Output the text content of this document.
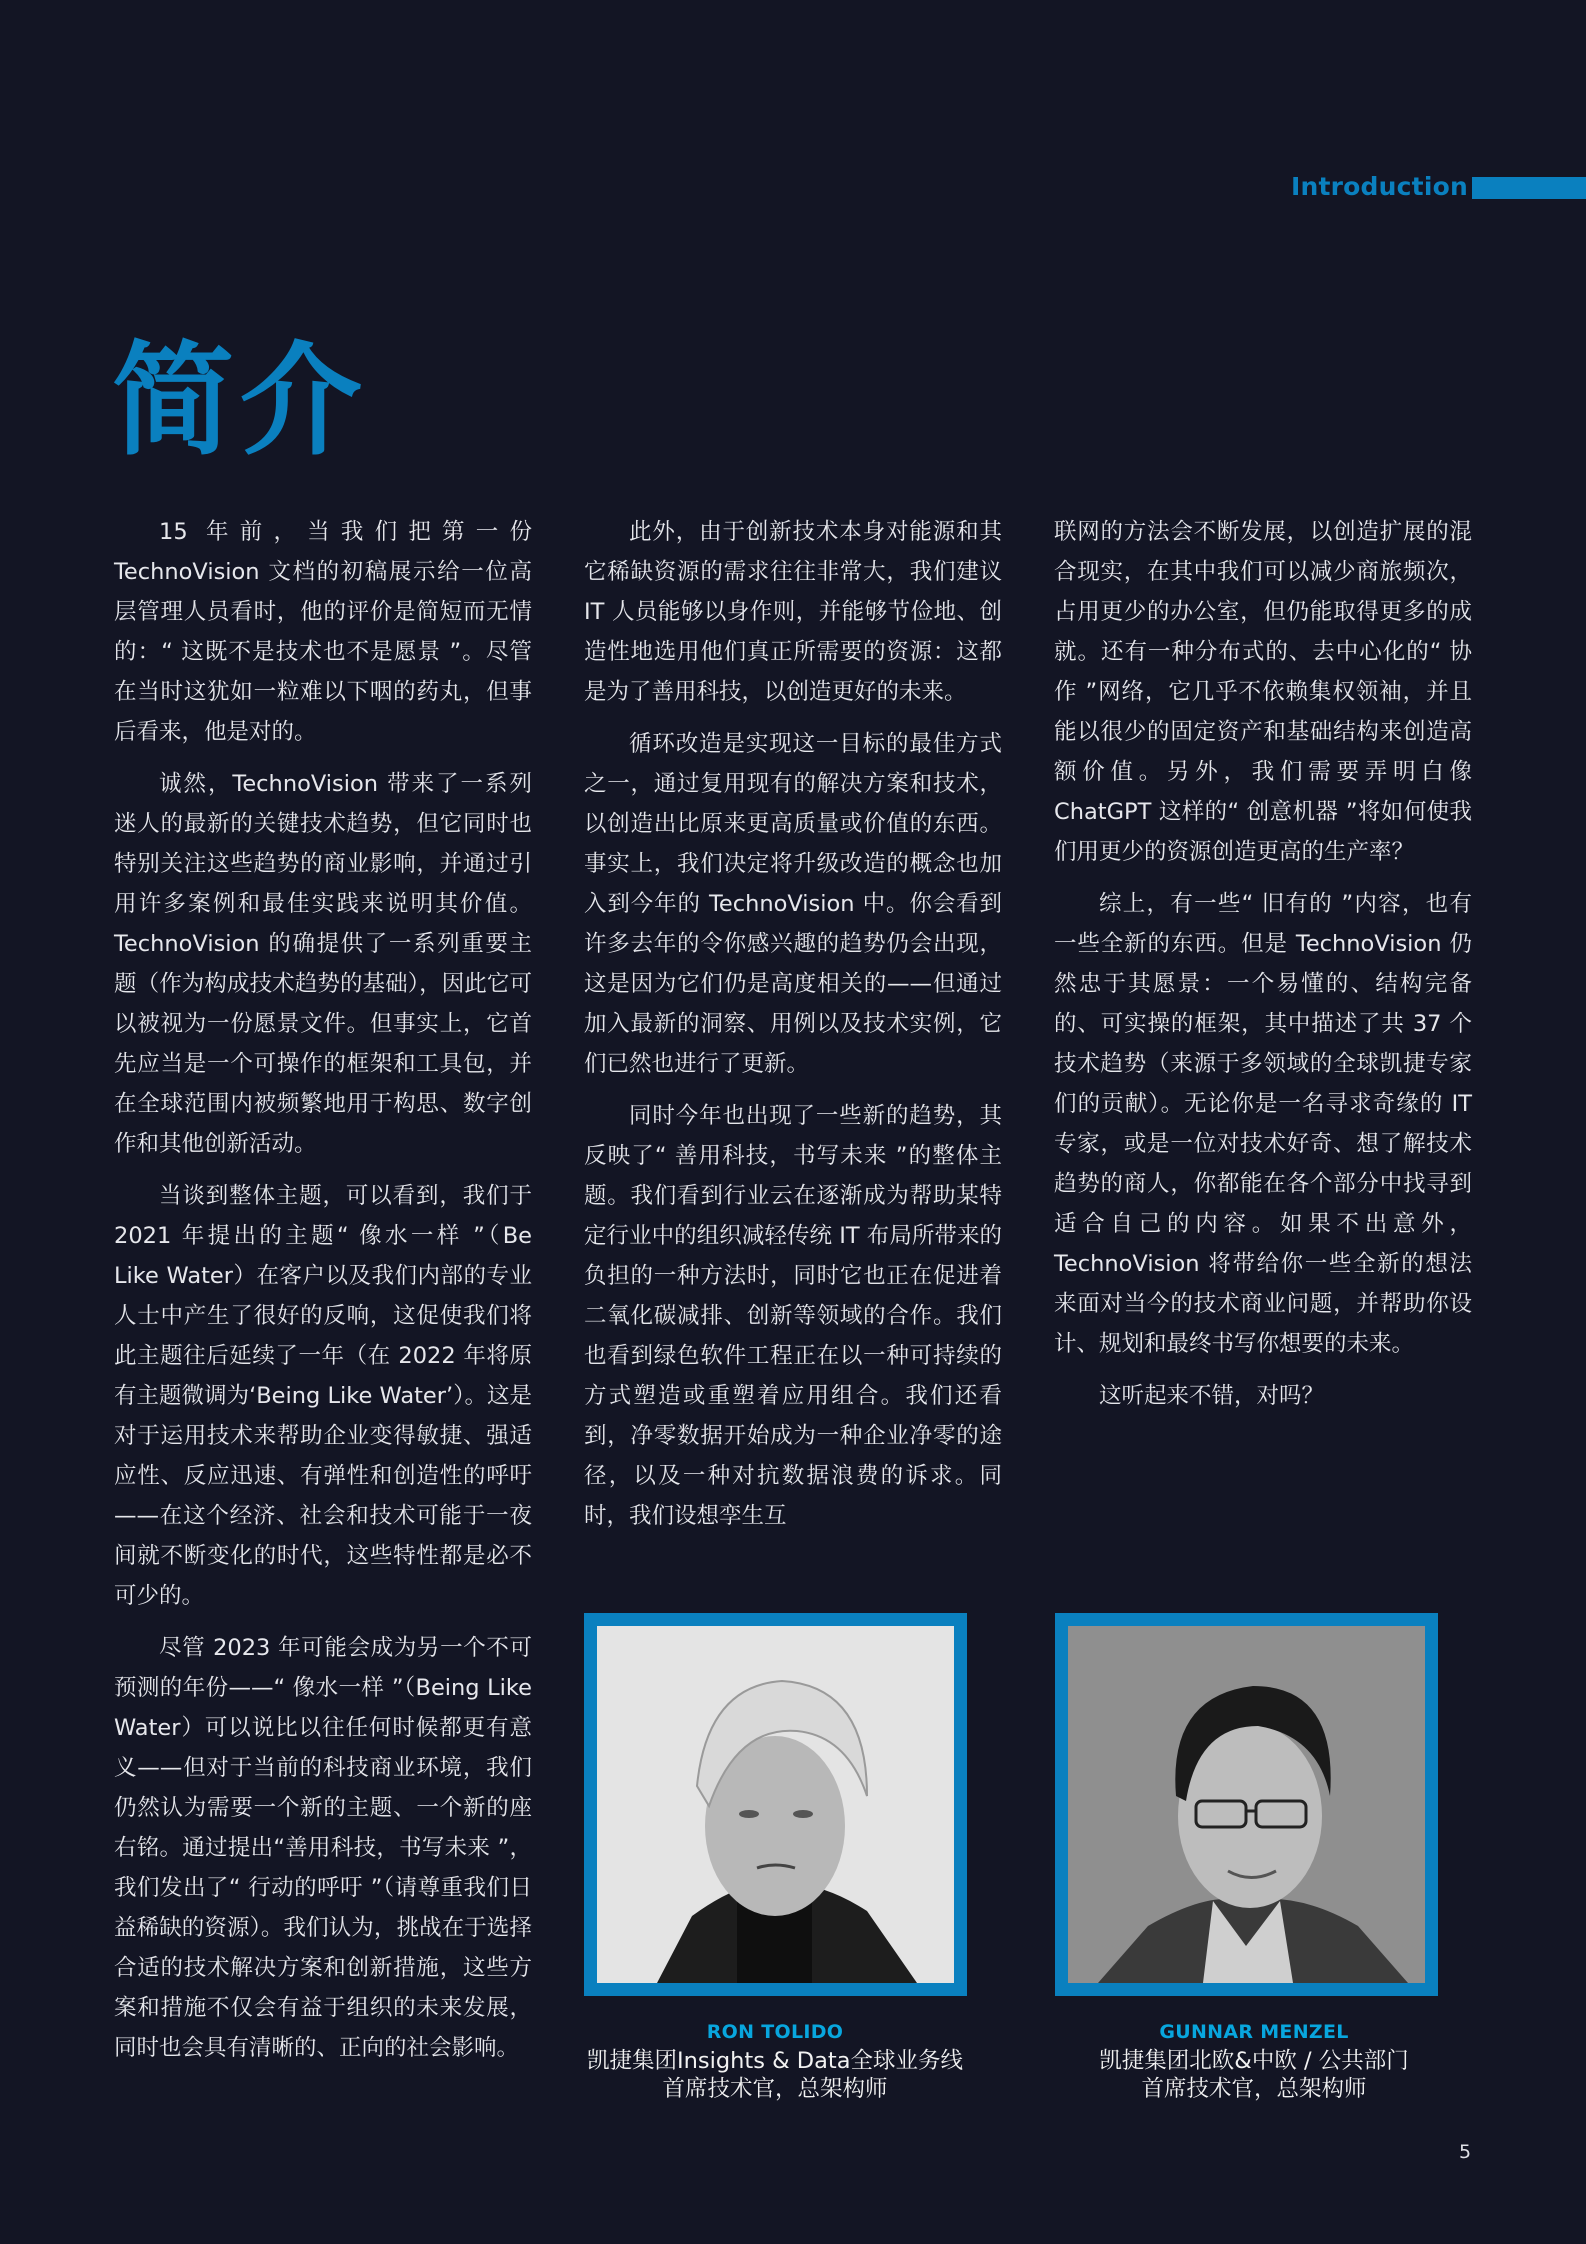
Introduction
简介

15 年前，当我们把第一份 TechnoVision 文档的初稿展示给一位高层管理人员看时，他的评价是简短而无情的：“ 这既不是技术也不是愿景 ”。尽管在当时这犹如一粒难以下咽的药丸，但事后看来，他是对的。

诚然，TechnoVision 带来了一系列迷人的最新的关键技术趋势，但它同时也特别关注这些趋势的商业影响，并通过引用许多案例和最佳实践来说明其价值。TechnoVision 的确提供了一系列重要主题（作为构成技术趋势的基础），因此它可以被视为一份愿景文件。但事实上，它首先应当是一个可操作的框架和工具包，并在全球范围内被频繁地用于构思、数字创作和其他创新活动。

当谈到整体主题，可以看到，我们于 2021 年提出的主题“ 像水一样 ”（Be Like Water）在客户以及我们内部的专业人士中产生了很好的反响，这促使我们将此主题往后延续了一年（在 2022 年将原有主题微调为‘Being Like Water’）。这是对于运用技术来帮助企业变得敏捷、强适应性、反应迅速、有弹性和创造性的呼吁——在这个经济、社会和技术可能于一夜间就不断变化的时代，这些特性都是必不可少的。

尽管 2023 年可能会成为另一个不可预测的年份——“ 像水一样 ”（Being Like Water）可以说比以往任何时候都更有意义——但对于当前的科技商业环境，我们仍然认为需要一个新的主题、一个新的座右铭。通过提出“善用科技，书写未来 ”，我们发出了“ 行动的呼吁 ”（请尊重我们日益稀缺的资源）。我们认为，挑战在于选择合适的技术解决方案和创新措施，这些方案和措施不仅会有益于组织的未来发展，同时也会具有清晰的、正向的社会影响。

此外，由于创新技术本身对能源和其它稀缺资源的需求往往非常大，我们建议 IT 人员能够以身作则，并能够节俭地、创造性地选用他们真正所需要的资源：这都是为了善用科技，以创造更好的未来。

循环改造是实现这一目标的最佳方式之一，通过复用现有的解决方案和技术，以创造出比原来更高质量或价值的东西。事实上，我们决定将升级改造的概念也加入到今年的 TechnoVision 中。你会看到许多去年的令你感兴趣的趋势仍会出现，这是因为它们仍是高度相关的——但通过加入最新的洞察、用例以及技术实例，它们已然也进行了更新。

同时今年也出现了一些新的趋势，其反映了“ 善用科技，书写未来 ”的整体主题。我们看到行业云在逐渐成为帮助某特定行业中的组织减轻传统 IT 布局所带来的负担的一种方法时，同时它也正在促进着二氧化碳减排、创新等领域的合作。我们也看到绿色软件工程正在以一种可持续的方式塑造或重塑着应用组合。我们还看到，净零数据开始成为一种企业净零的途径，以及一种对抗数据浪费的诉求。同时，我们设想孪生互

联网的方法会不断发展，以创造扩展的混合现实，在其中我们可以减少商旅频次，占用更少的办公室，但仍能取得更多的成就。还有一种分布式的、去中心化的“ 协作 ”网络，它几乎不依赖集权领袖，并且能以很少的固定资产和基础结构来创造高额价值。另外，我们需要弄明白像 ChatGPT 这样的“ 创意机器 ”将如何使我们用更少的资源创造更高的生产率？

综上，有一些“ 旧有的 ”内容，也有一些全新的东西。但是 TechnoVision 仍然忠于其愿景：一个易懂的、结构完备的、可实操的框架，其中描述了共 37 个技术趋势（来源于多领域的全球凯捷专家们的贡献）。无论你是一名寻求奇缘的 IT 专家，或是一位对技术好奇、想了解技术趋势的商人，你都能在各个部分中找寻到适合自己的内容。如果不出意外，TechnoVision 将带给你一些全新的想法来面对当今的技术商业问题，并帮助你设计、规划和最终书写你想要的未来。

这听起来不错，对吗？

RON TOLIDO
凯捷集团Insights & Data全球业务线
首席技术官，总架构师
GUNNAR MENZEL
凯捷集团北欧&中欧 / 公共部门
首席技术官，总架构师
5
